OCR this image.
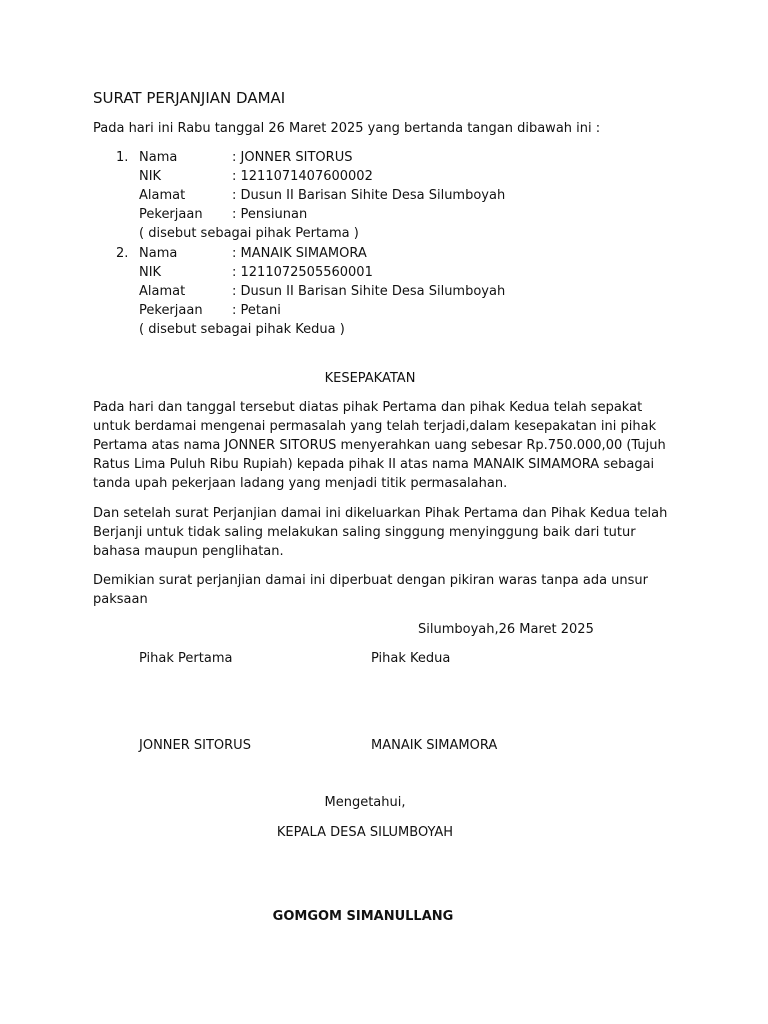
SURAT PERJANJIAN DAMAI
Pada hari ini Rabu tanggal 26 Maret 2025 yang bertanda tangan dibawah ini :
1. Nama	: JONNER SITORUS
NIK	: 1211071407600002
Alamat	: Dusun II Barisan Sihite Desa Silumboyah
Pekerjaan : Pensiunan
( disebut sebagai pihak Pertama )
2. Nama	: MANAIK SIMAMORA
NIK	: 1211072505560001
Alamat	: Dusun II Barisan Sihite Desa Silumboyah
Pekerjaan : Petani
( disebut sebagai pihak Kedua )
KESEPAKATAN
Pada hari dan tanggal tersebut diatas pihak Pertama dan pihak Kedua telah sepakat untuk berdamai mengenai permasalah yang telah terjadi,dalam kesepakatan ini pihak Pertama atas nama JONNER SITORUS menyerahkan uang sebesar Rp.750.000,00 (Tujuh Ratus Lima Puluh Ribu Rupiah) kepada pihak II atas nama MANAIK SIMAMORA sebagai tanda upah pekerjaan ladang yang menjadi titik permasalahan.
Dan setelah surat Perjanjian damai ini dikeluarkan Pihak Pertama dan Pihak Kedua telah Berjanji untuk tidak saling melakukan saling singgung menyinggung baik dari tutur bahasa maupun penglihatan.
Demikian surat perjanjian damai ini diperbuat dengan pikiran waras tanpa ada unsur paksaan
Silumboyah,26 Maret 2025
Pihak Pertama	Pihak Kedua
JONNER SITORUS	MANAIK SIMAMORA
Mengetahui,
KEPALA DESA SILUMBOYAH
GOMGOM SIMANULLANG
